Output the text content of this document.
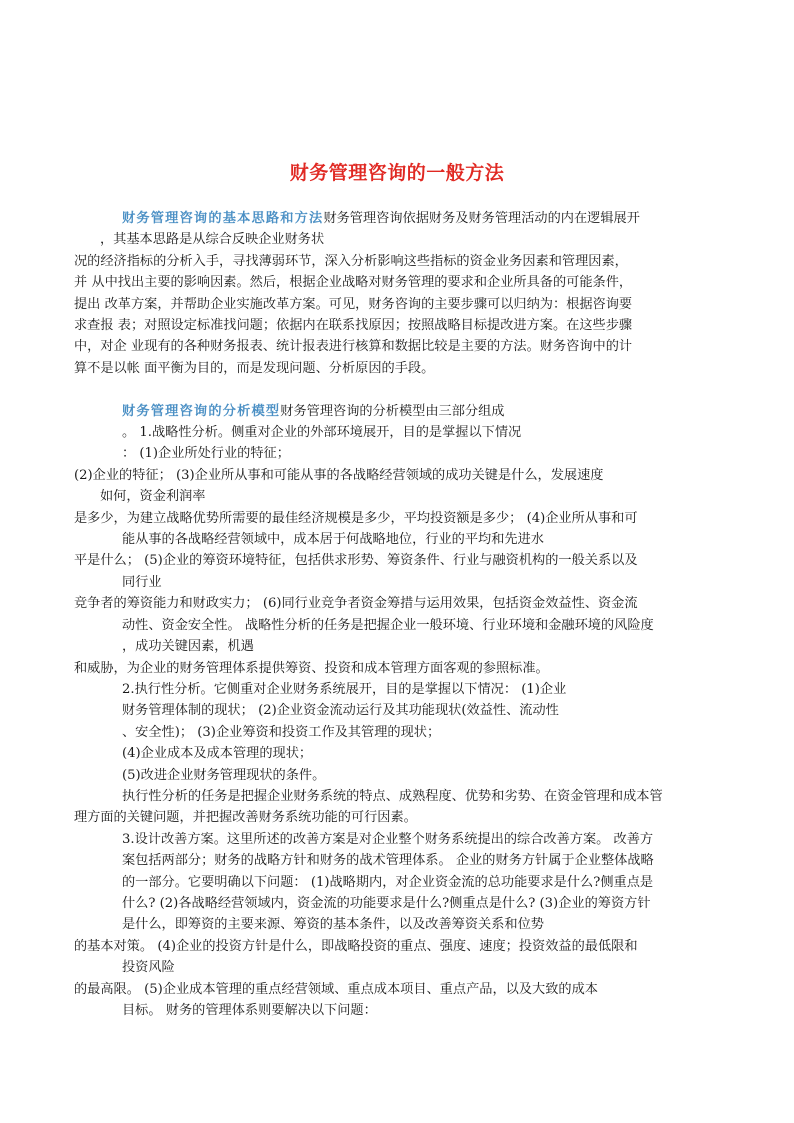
财务管理咨询的一般方法
财务管理咨询的基本思路和方法财务管理咨询依据财务及财务管理活动的内在逻辑展开
，其基本思路是从综合反映企业财务状
况的经济指标的分析入手，寻找薄弱环节，深入分析影响这些指标的资金业务因素和管理因素，
并 从中找出主要的影响因素。然后，根据企业战略对财务管理的要求和企业所具备的可能条件，
提出 改革方案，并帮助企业实施改革方案。可见，财务咨询的主要步骤可以归纳为：根据咨询要
求查报 表；对照设定标准找问题；依据内在联系找原因；按照战略目标提改进方案。在这些步骤
中，对企 业现有的各种财务报表、统计报表进行核算和数据比较是主要的方法。财务咨询中的计
算不是以帐 面平衡为目的，而是发现问题、分析原因的手段。
财务管理咨询的分析模型财务管理咨询的分析模型由三部分组成
。 1.战略性分析。侧重对企业的外部环境展开，目的是掌握以下情况
： (1)企业所处行业的特征；
(2)企业的特征； (3)企业所从事和可能从事的各战略经营领域的成功关键是什么，发展速度
如何，资金利润率
是多少，为建立战略优势所需要的最佳经济规模是多少，平均投资额是多少； (4)企业所从事和可
能从事的各战略经营领域中，成本居于何战略地位，行业的平均和先进水
平是什么； (5)企业的筹资环境特征，包括供求形势、筹资条件、行业与融资机构的一般关系以及
同行业
竞争者的筹资能力和财政实力； (6)同行业竞争者资金筹措与运用效果，包括资金效益性、资金流
动性、资金安全性。 战略性分析的任务是把握企业一般环境、行业环境和金融环境的风险度
，成功关键因素，机遇
和威胁，为企业的财务管理体系提供筹资、投资和成本管理方面客观的参照标准。
2.执行性分析。它侧重对企业财务系统展开，目的是掌握以下情况： (1)企业
财务管理体制的现状； (2)企业资金流动运行及其功能现状(效益性、流动性
、安全性)； (3)企业筹资和投资工作及其管理的现状；
(4)企业成本及成本管理的现状；
(5)改进企业财务管理现状的条件。
执行性分析的任务是把握企业财务系统的特点、成熟程度、优势和劣势、在资金管理和成本管
理方面的关键问题，并把握改善财务系统功能的可行因素。
3.设计改善方案。这里所述的改善方案是对企业整个财务系统提出的综合改善方案。 改善方
案包括两部分；财务的战略方针和财务的战术管理体系。 企业的财务方针属于企业整体战略
的一部分。它要明确以下问题： (1)战略期内，对企业资金流的总功能要求是什么?侧重点是
什么? (2)各战略经营领域内，资金流的功能要求是什么?侧重点是什么? (3)企业的筹资方针
是什么，即筹资的主要来源、筹资的基本条件，以及改善筹资关系和位势
的基本对策。 (4)企业的投资方针是什么，即战略投资的重点、强度、速度；投资效益的最低限和
投资风险
的最高限。 (5)企业成本管理的重点经营领域、重点成本项目、重点产品，以及大致的成本
目标。 财务的管理体系则要解决以下问题：
